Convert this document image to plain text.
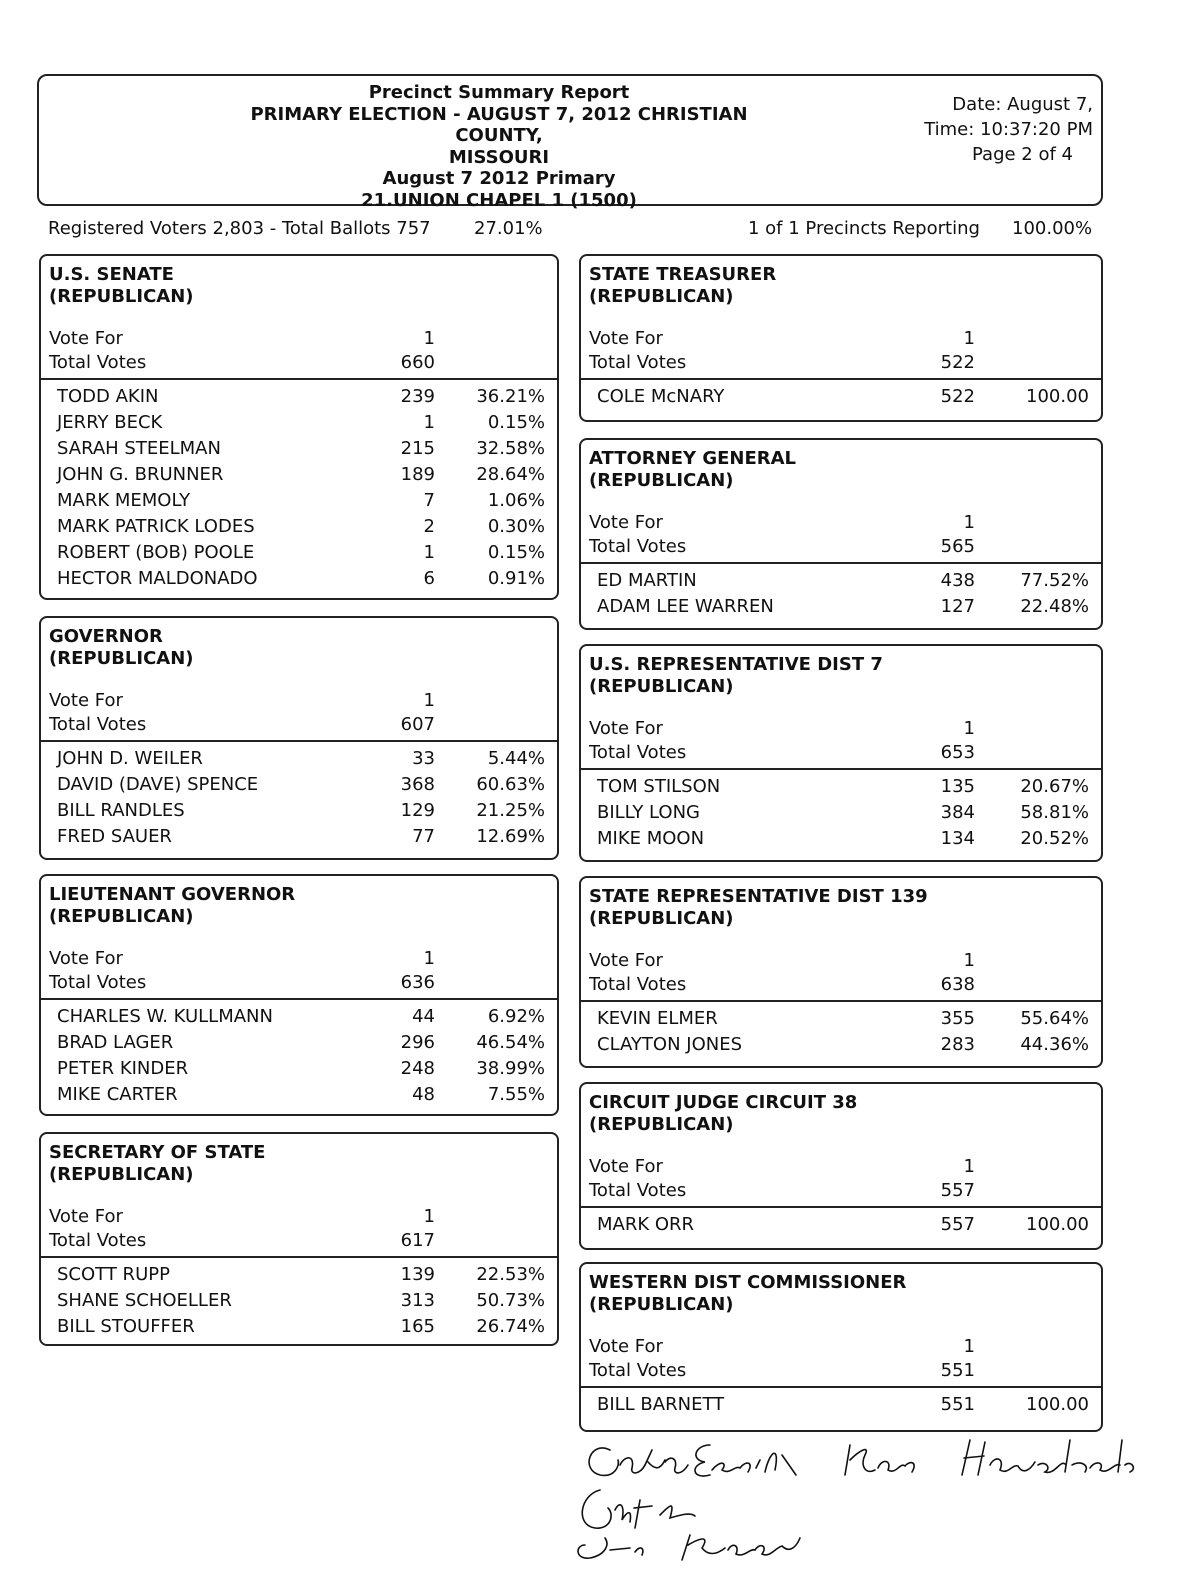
Precinct Summary Report
PRIMARY ELECTION - AUGUST 7, 2012 CHRISTIAN COUNTY,
MISSOURI
August 7 2012 Primary
21.UNION CHAPEL 1 (1500)
Date: August 7,
Time: 10:37:20 PM
Page 2 of 4
Registered Voters 2,803 - Total Ballots 757 27.01%	1 of 1 Precincts Reporting 100.00%
U.S. SENATE
(REPUBLICAN)
Vote For	1
Total Votes	660
TODD AKIN	239 36.21%
JERRY BECK	1	0.15%
SARAH STEELMAN	215 32.58%
JOHN G. BRUNNER	189 28.64%
MARK MEMOLY	7	1.06%
MARK PATRICK LODES	2	0.30%
ROBERT (BOB) POOLE	1	0.15%
HECTOR MALDONADO	6	0.91%
GOVERNOR
(REPUBLICAN)
Vote For	1
Total Votes	607
JOHN D. WEILER	33	5.44%
DAVID (DAVE) SPENCE	368 60.63%
BILL RANDLES	129 21.25%
FRED SAUER	77 12.69%
LIEUTENANT GOVERNOR
(REPUBLICAN)
Vote For	1
Total Votes	636
CHARLES W. KULLMANN	44	6.92%
BRAD LAGER	296 46.54%
PETER KINDER	248 38.99%
MIKE CARTER	48	7.55%
SECRETARY OF STATE
(REPUBLICAN)
Vote For	1
Total Votes	617
SCOTT RUPP	139 22.53%
SHANE SCHOELLER	313 50.73%
BILL STOUFFER	165 26.74%
STATE TREASURER
(REPUBLICAN)
Vote For	1
Total Votes	522
COLE McNARY	522	100.00
ATTORNEY GENERAL
(REPUBLICAN)
Vote For	1
Total Votes	565
ED MARTIN	438	77.52%
ADAM LEE WARREN	127	22.48%
U.S. REPRESENTATIVE DIST 7
(REPUBLICAN)
Vote For	1
Total Votes	653
TOM STILSON	135	20.67%
BILLY LONG	384	58.81%
MIKE MOON	134	20.52%
STATE REPRESENTATIVE DIST 139
(REPUBLICAN)
Vote For	1
Total Votes	638
KEVIN ELMER	355	55.64%
CLAYTON JONES	283	44.36%
CIRCUIT JUDGE CIRCUIT 38
(REPUBLICAN)
Vote For	1
Total Votes	557
MARK ORR	557	100.00
WESTERN DIST COMMISSIONER
(REPUBLICAN)
Vote For	1
Total Votes	551
BILL BARNETT	551	100.00
